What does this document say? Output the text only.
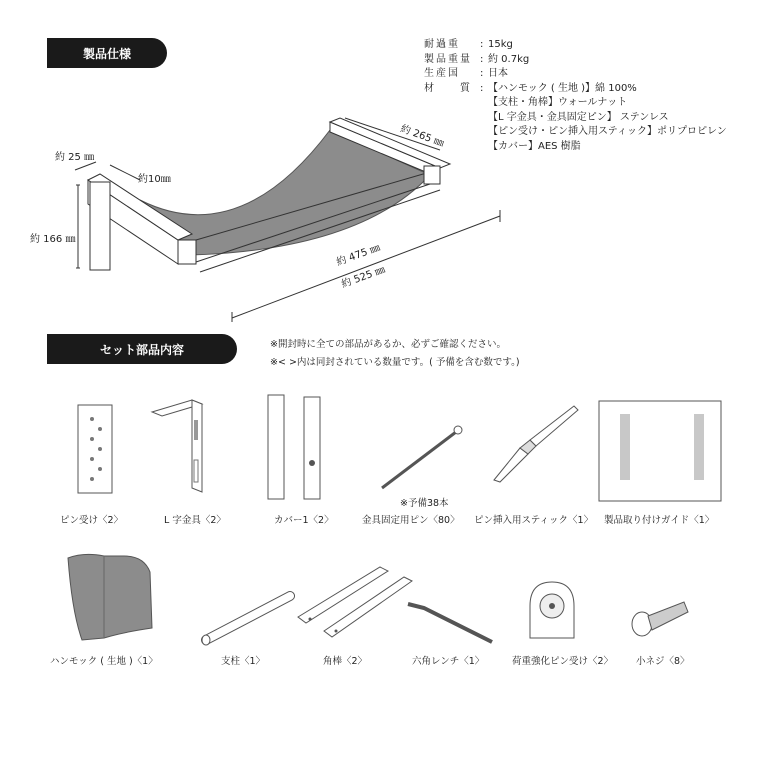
製品仕様
耐過重	: 15kg
製品重量 : 約 0.7kg
生産国	: 日本
材　　質 : 【ハンモック ( 生地 )】綿 100%
【支柱・角棒】ウォールナット
【L 字金具・金具固定ピン】 ステンレス
【ピン受け・ピン挿入用スティック】ポリプロピレン
【カバー】AES 樹脂
約 25 ㎜
約10㎜
約 166 ㎜
約 265 ㎜
約 475 ㎜
約 525 ㎜
セット部品内容	※開封時に全ての部品があるか、必ずご確認ください。
※< >内は同封されている数量です。( 予備を含む数です。)
※予備38本
ピン受け〈2〉	L 字金具〈2〉	カバー1〈2〉	金具固定用ピン〈80〉 ピン挿入用スティック〈1〉 製品取り付けガイド〈1〉
ハンモック ( 生地 )〈1〉	支柱〈1〉	角棒〈2〉	六角レンチ〈1〉	荷重強化ピン受け〈2〉 小ネジ〈8〉
